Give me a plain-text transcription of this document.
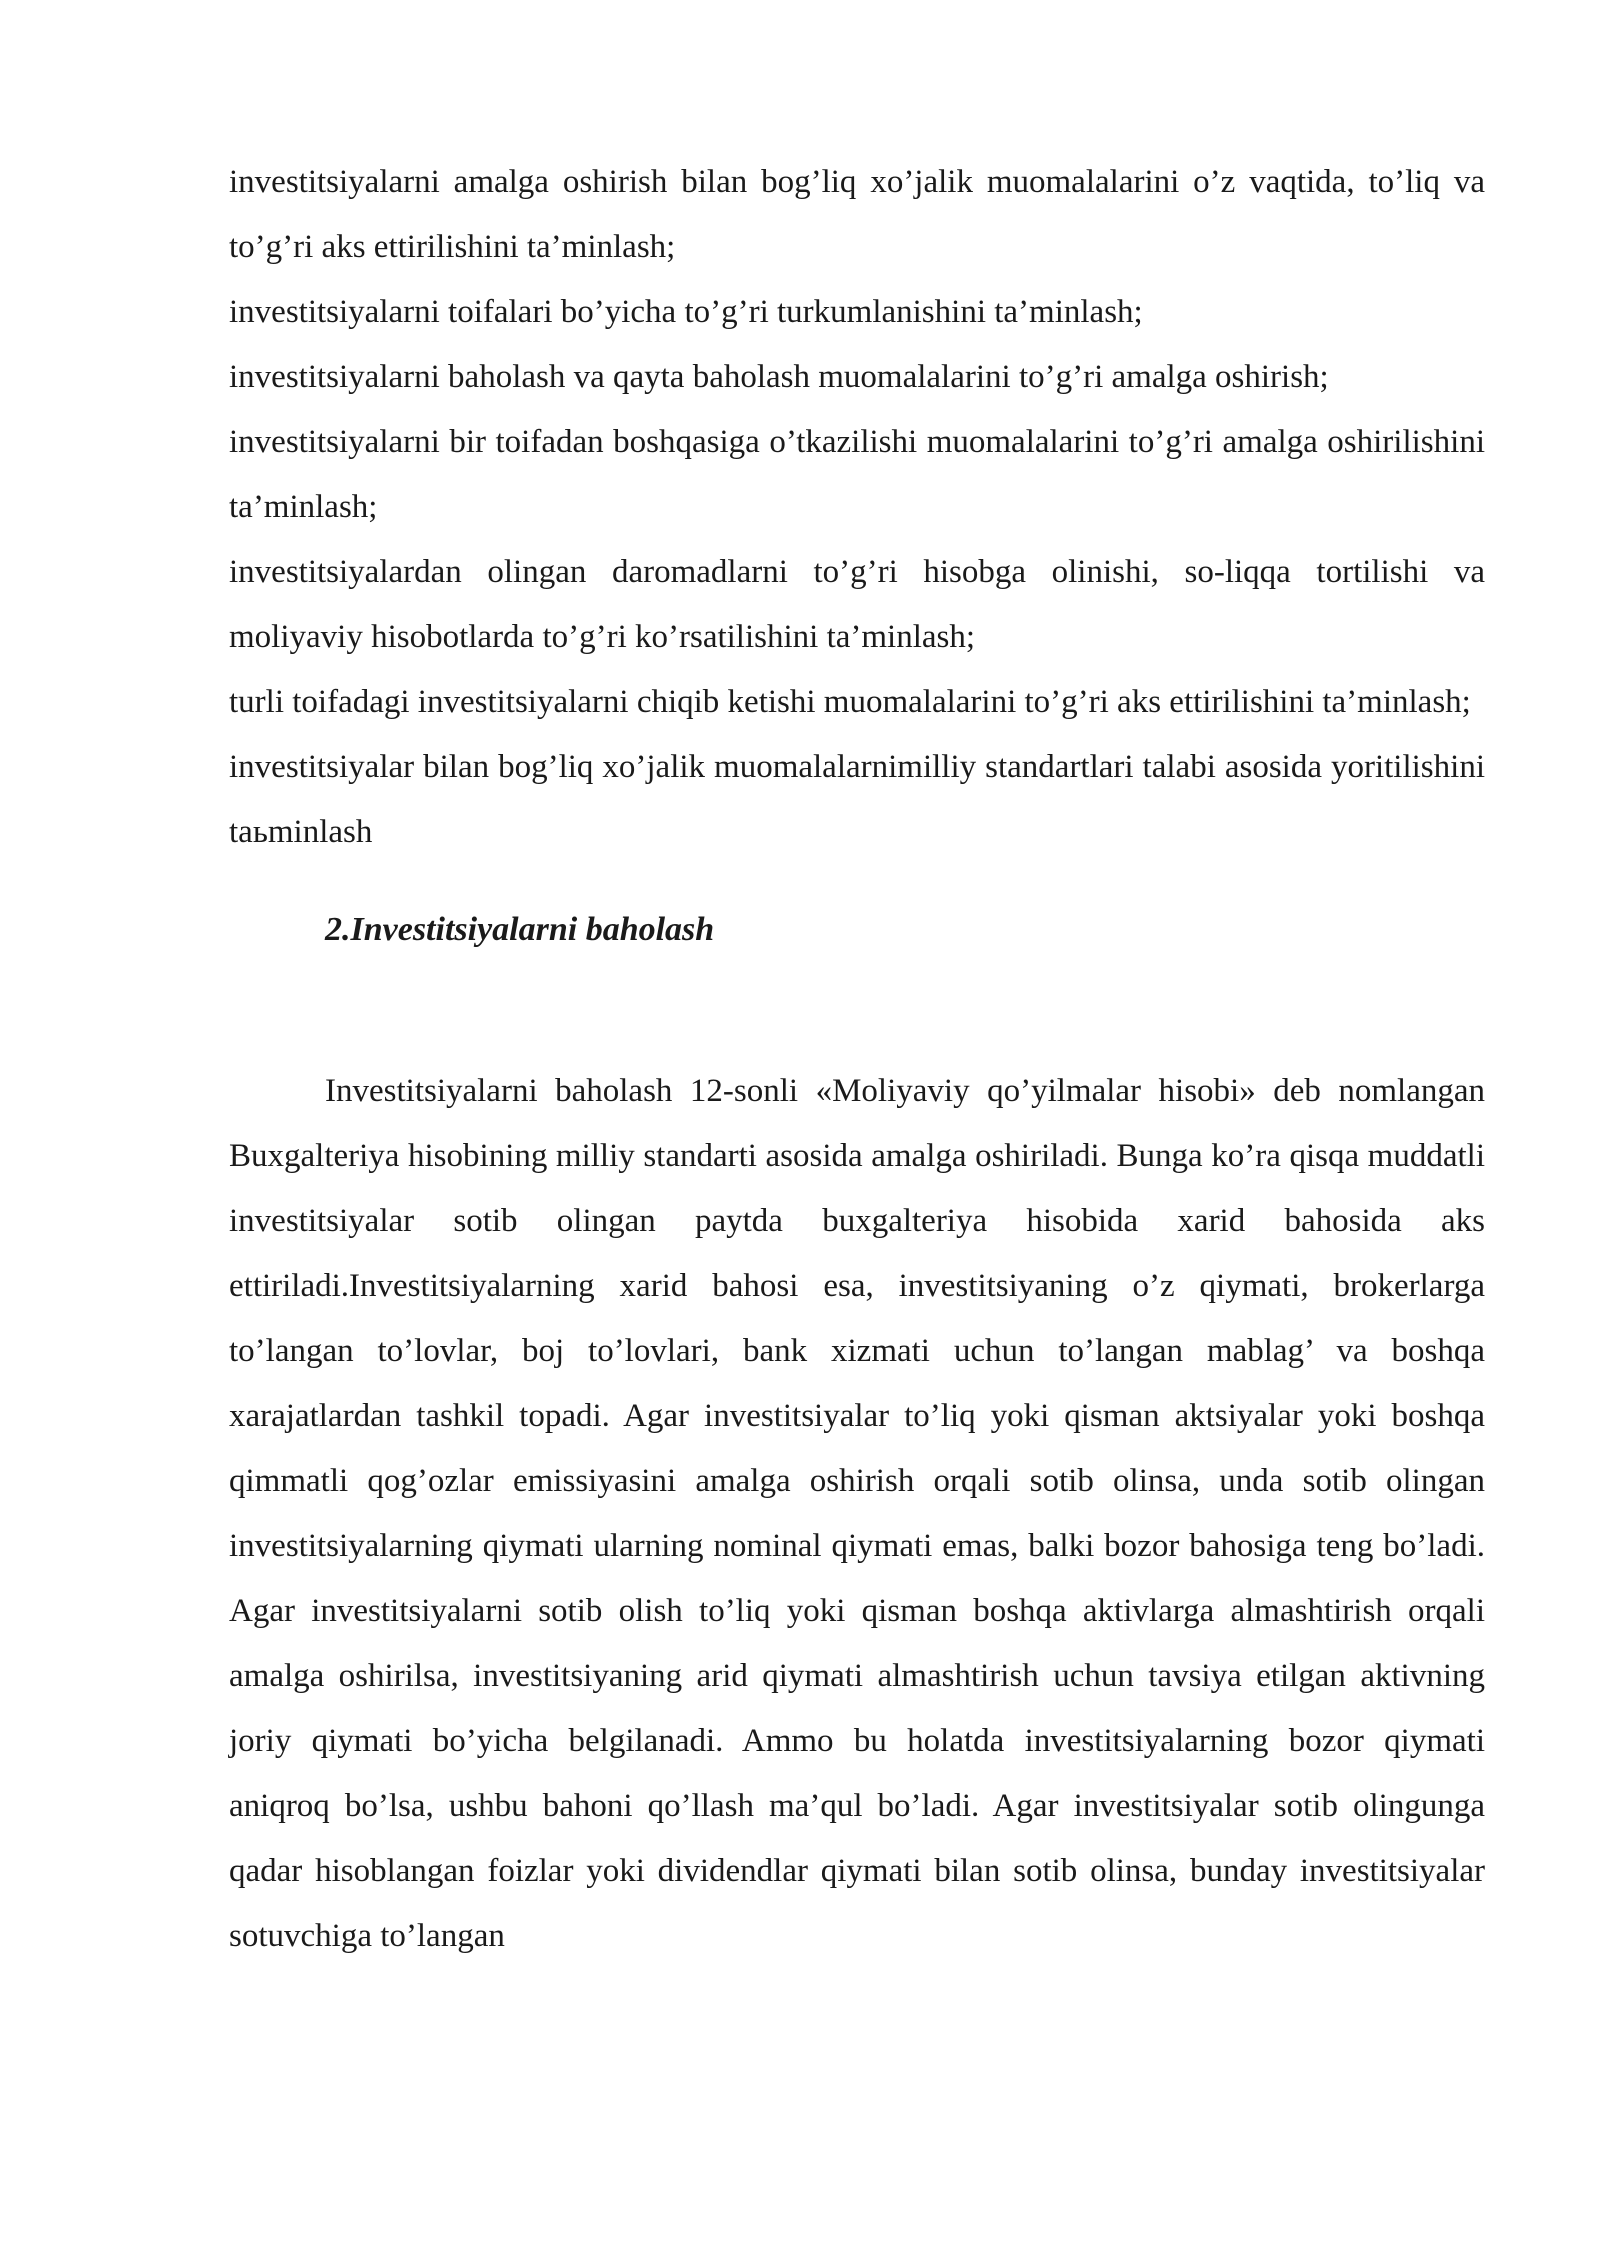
investitsiyalarni amalga oshirish bilan bog’liq xo’jalik muomalalarini o’z vaqtida, to’liq va to’g’ri aks ettirilishini ta’minlash;

investitsiyalarni toifalari bo’yicha to’g’ri turkumlanishini ta’minlash;

investitsiyalarni baholash va qayta baholash muomalalarini to’g’ri amalga oshirish;

investitsiyalarni bir toifadan boshqasiga o’tkazilishi muomalalarini to’g’ri amalga oshirilishini ta’minlash;

investitsiyalardan olingan daromadlarni to’g’ri hisobga olinishi, so-liqqa tortilishi va moliyaviy hisobotlarda to’g’ri ko’rsatilishini ta’minlash;

turli toifadagi investitsiyalarni chiqib ketishi muomalalarini to’g’ri aks ettirilishini ta’minlash;

investitsiyalar bilan bog’liq xo’jalik muomalalarnimilliy standartlari talabi asosida yoritilishini taьminlash

2.Investitsiyalarni baholash

Investitsiyalarni baholash 12-sonli «Moliyaviy qo’yilmalar hisobi» deb nomlangan Buxgalteriya hisobining milliy standarti asosida amalga oshiriladi. Bunga ko’ra qisqa muddatli investitsiyalar sotib olingan paytda buxgalteriya hisobida xarid bahosida aks ettiriladi.Investitsiyalarning xarid bahosi esa, investitsiyaning o’z qiymati, brokerlarga to’langan to’lovlar, boj to’lovlari, bank xizmati uchun to’langan mablag’ va boshqa xarajatlardan tashkil topadi. Agar investitsiyalar to’liq yoki qisman aktsiyalar yoki boshqa qimmatli qog’ozlar emissiyasini amalga oshirish orqali sotib olinsa, unda sotib olingan investitsiyalarning qiymati ularning nominal qiymati emas, balki bozor bahosiga teng bo’ladi. Agar investitsiyalarni sotib olish to’liq yoki qisman boshqa aktivlarga almashtirish orqali amalga oshirilsa, investitsiyaning arid qiymati almashtirish uchun tavsiya etilgan aktivning joriy qiymati bo’yicha belgilanadi. Ammo bu holatda investitsiyalarning bozor qiymati aniqroq bo’lsa, ushbu bahoni qo’llash ma’qul bo’ladi. Agar investitsiyalar sotib olingunga qadar hisoblangan foizlar yoki dividendlar qiymati bilan sotib olinsa, bunday investitsiyalar sotuvchiga to’langan
